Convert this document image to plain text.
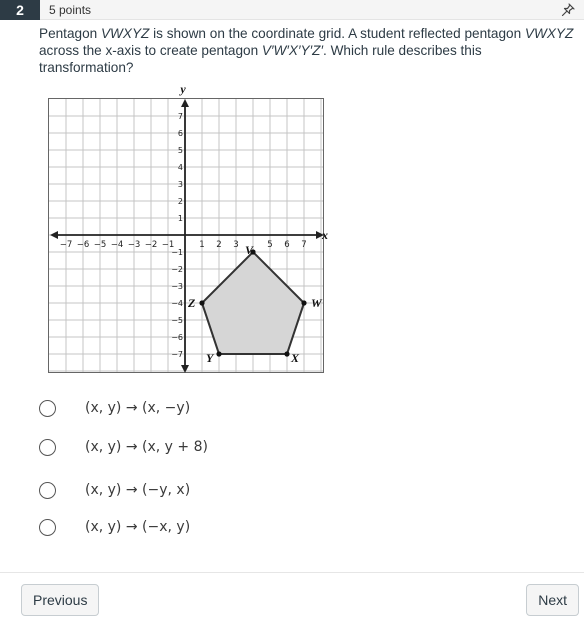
2	5 points
Pentagon VWXYZ is shown on the coordinate grid. A student reflected pentagon VWXYZ across the x-axis to create pentagon V′W′X′Y′Z′. Which rule describes this transformation?
−7 −6 −5 −4 −3 −2 −1	1 2 3	5 6 7
7
6
5
4
3
2
1
−1
−2
−3
−4
−5
−6
−7
V
W
X
Y
Z
x
y
(x, y) → (x, −y)
(x, y) → (x, y + 8)
(x, y) → (−y, x)
(x, y) → (−x, y)
Previous	Next
